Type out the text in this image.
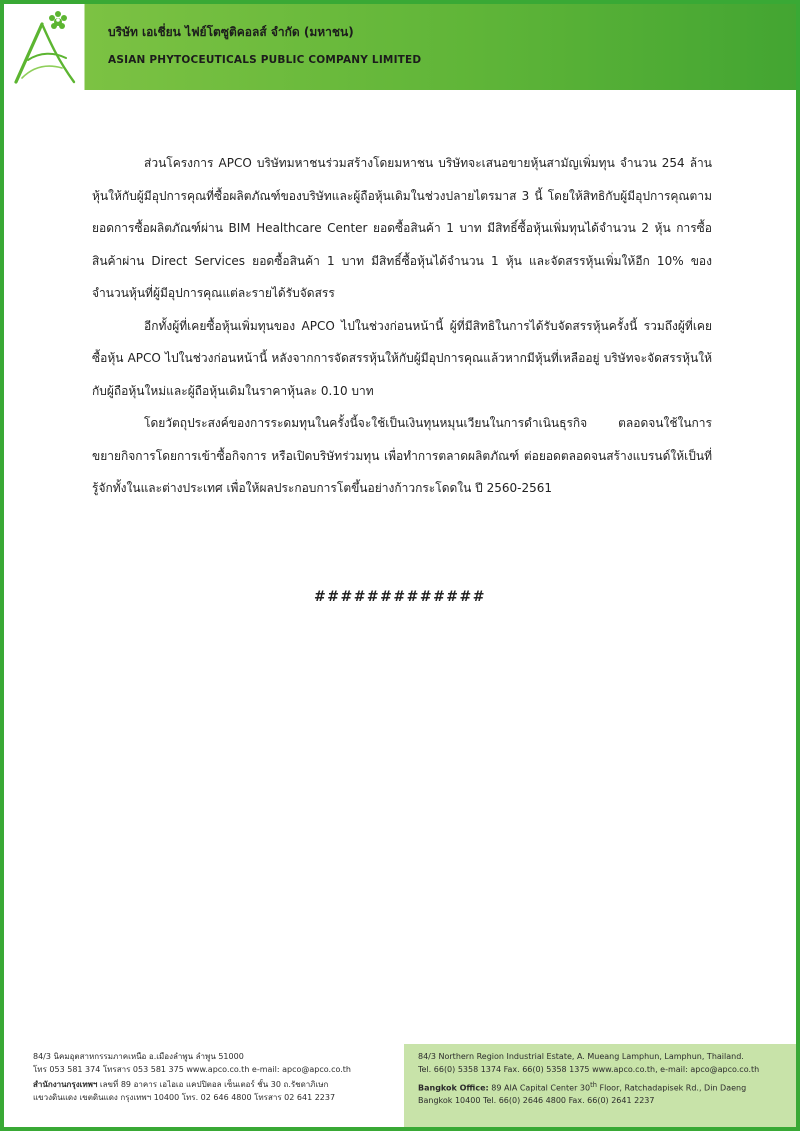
บริษัท เอเชี่ยน ไฟย์โตซูติคอลส์ จำกัด (มหาชน)
ASIAN PHYTOCEUTICALS PUBLIC COMPANY LIMITED

ส่วนโครงการ APCO บริษัทมหาชนร่วมสร้างโดยมหาชน บริษัทจะเสนอขายหุ้นสามัญเพิ่มทุน จำนวน 254 ล้านหุ้นให้กับผู้มีอุปการคุณที่ซื้อผลิตภัณฑ์ของบริษัทและผู้ถือหุ้นเดิมในช่วงปลายไตรมาส 3 นี้ โดยให้สิทธิกับผู้มีอุปการคุณตามยอดการซื้อผลิตภัณฑ์ผ่าน BIM Healthcare Center ยอดซื้อสินค้า 1 บาท มีสิทธิ์ซื้อหุ้นเพิ่มทุนได้จำนวน 2 หุ้น การซื้อสินค้าผ่าน Direct Services ยอดซื้อสินค้า 1 บาท มีสิทธิ์ซื้อหุ้นได้จำนวน 1 หุ้น และจัดสรรหุ้นเพิ่มให้อีก 10% ของจำนวนหุ้นที่ผู้มีอุปการคุณแต่ละรายได้รับจัดสรร

อีกทั้งผู้ที่เคยซื้อหุ้นเพิ่มทุนของ APCO ไปในช่วงก่อนหน้านี้ ผู้ที่มีสิทธิในการได้รับจัดสรรหุ้นครั้งนี้ รวมถึงผู้ที่เคยซื้อหุ้น APCO ไปในช่วงก่อนหน้านี้ หลังจากการจัดสรรหุ้นให้กับผู้มีอุปการคุณแล้วหากมีหุ้นที่เหลืออยู่ บริษัทจะจัดสรรหุ้นให้กับผู้ถือหุ้นใหม่และผู้ถือหุ้นเดิมในราคาหุ้นละ 0.10 บาท

โดยวัตถุประสงค์ของการระดมทุนในครั้งนี้จะใช้เป็นเงินทุนหมุนเวียนในการดำเนินธุรกิจ ตลอดจนใช้ในการขยายกิจการโดยการเข้าซื้อกิจการ หรือเปิดบริษัทร่วมทุน เพื่อทำการตลาดผลิตภัณฑ์ ต่อยอดตลอดจนสร้างแบรนด์ให้เป็นที่รู้จักทั้งในและต่างประเทศ เพื่อให้ผลประกอบการโตขึ้นอย่างก้าวกระโดดใน ปี 2560-2561

#############
84/3 นิคมอุตสาหกรรมภาคเหนือ อ.เมืองลำพูน ลำพูน 51000
โทร 053 581 374 โทรสาร 053 581 375 www.apco.co.th e-mail: apco@apco.co.th
สำนักงานกรุงเทพฯ เลขที่ 89 อาคาร เอไอเอ แคปปิตอล เซ็นเตอร์ ชั้น 30 ถ.รัชดาภิเษก
แขวงดินแดง เขตดินแดง กรุงเทพฯ 10400 โทร. 02 646 4800 โทรสาร 02 641 2237
84/3 Northern Region Industrial Estate, A. Mueang Lamphun, Lamphun, Thailand.
Tel. 66(0) 5358 1374 Fax. 66(0) 5358 1375 www.apco.co.th, e-mail: apco@apco.co.th
Bangkok Office: 89 AIA Capital Center 30th Floor, Ratchadapisek Rd., Din Daeng
Bangkok 10400 Tel. 66(0) 2646 4800 Fax. 66(0) 2641 2237
